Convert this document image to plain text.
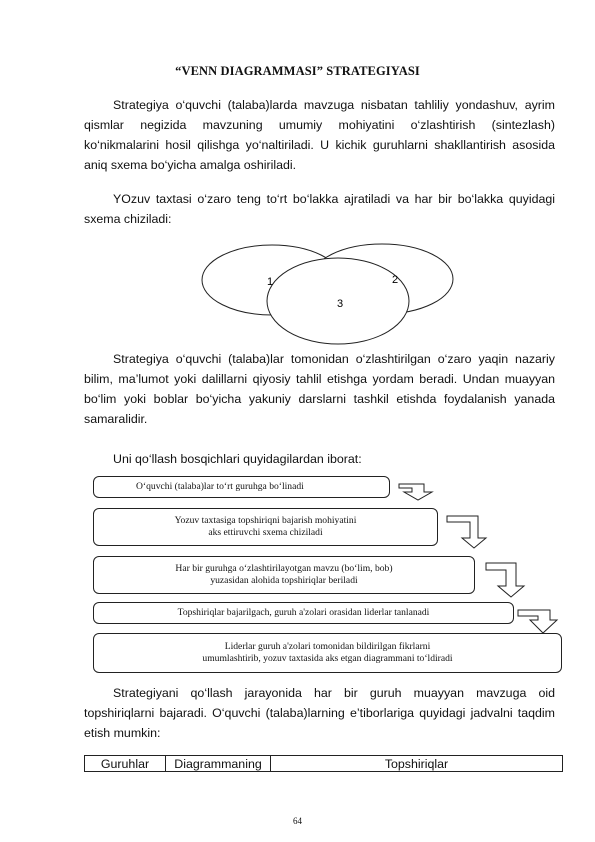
“VENN DIAGRAMMASI” STRATEGIYASI

Strategiya o‘quvchi (talaba)larda mavzuga nisbatan tahliliy yondashuv, ayrim qismlar negizida mavzuning umumiy mohiyatini o‘zlashtirish (sintezlash) ko‘nikmalarini hosil qilishga yo‘naltiriladi. U kichik guruhlarni shakllantirish asosida aniq sxema bo‘yicha amalga oshiriladi.

YOzuv taxtasi o‘zaro teng to‘rt bo‘lakka ajratiladi va har bir bo‘lakka quyidagi sxema chiziladi:

1	2
3

Strategiya o‘quvchi (talaba)lar tomonidan o‘zlashtirilgan o‘zaro yaqin nazariy bilim, ma’lumot yoki dalillarni qiyosiy tahlil etishga yordam beradi. Undan muayyan bo‘lim yoki boblar bo‘yicha yakuniy darslarni tashkil etishda foydalanish yanada samaralidir.

Uni qo‘llash bosqichlari quyidagilardan iborat:

O‘quvchi (talaba)lar to‘rt guruhga bo‘linadi
Yozuv taxtasiga topshiriqni bajarish mohiyatini
aks ettiruvchi sxema chiziladi
Har bir guruhga o‘zlashtirilayotgan mavzu (bo‘lim, bob)
yuzasidan alohida topshiriqlar beriladi
Topshiriqlar bajarilgach, guruh a'zolari orasidan liderlar tanlanadi
Liderlar guruh a'zolari tomonidan bildirilgan fikrlarni
umumlashtirib, yozuv taxtasida aks etgan diagrammani to‘ldiradi

Strategiyani qo‘llash jarayonida har bir guruh muayyan mavzuga oid topshiriqlarni bajaradi. O‘quvchi (talaba)larning e’tiborlariga quyidagi jadvalni taqdim etish mumkin:

Guruhlar	Diagrammaning	Topshiriqlar
64
